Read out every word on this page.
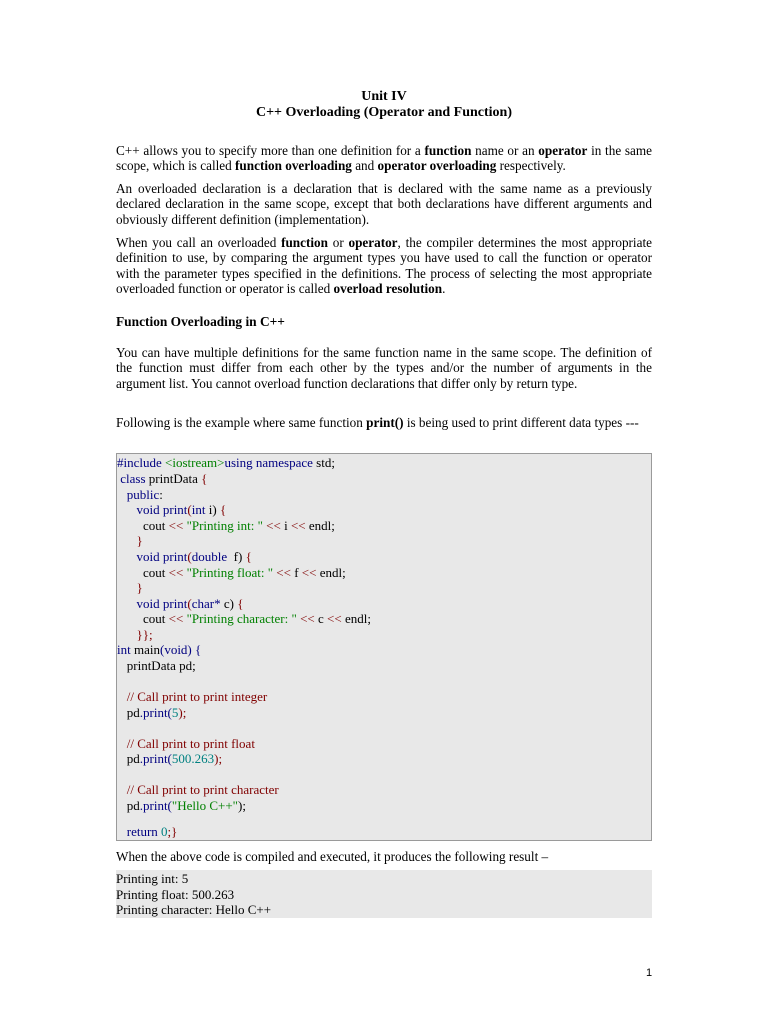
Unit IV
C++ Overloading (Operator and Function)
C++ allows you to specify more than one definition for a function name or an operator in the same scope, which is called function overloading and operator overloading respectively.
An overloaded declaration is a declaration that is declared with the same name as a previously declared declaration in the same scope, except that both declarations have different arguments and obviously different definition (implementation).
When you call an overloaded function or operator, the compiler determines the most appropriate definition to use, by comparing the argument types you have used to call the function or operator with the parameter types specified in the definitions. The process of selecting the most appropriate overloaded function or operator is called overload resolution.
Function Overloading in C++
You can have multiple definitions for the same function name in the same scope. The definition of the function must differ from each other by the types and/or the number of arguments in the argument list. You cannot overload function declarations that differ only by return type.
Following is the example where same function print() is being used to print different data types ---
#include <iostream>using namespace std;
class printData {
public:
void print(int i) {
cout << "Printing int: " << i << endl;
}
void print(double  f) {
cout << "Printing float: " << f << endl;
}
void print(char* c) {
cout << "Printing character: " << c << endl;
}};
int main(void) {
printData pd;
// Call print to print integer
pd.print(5);
// Call print to print float
pd.print(500.263);
// Call print to print character
pd.print("Hello C++");
return 0;}
When the above code is compiled and executed, it produces the following result –
Printing int: 5
Printing float: 500.263
Printing character: Hello C++
1
